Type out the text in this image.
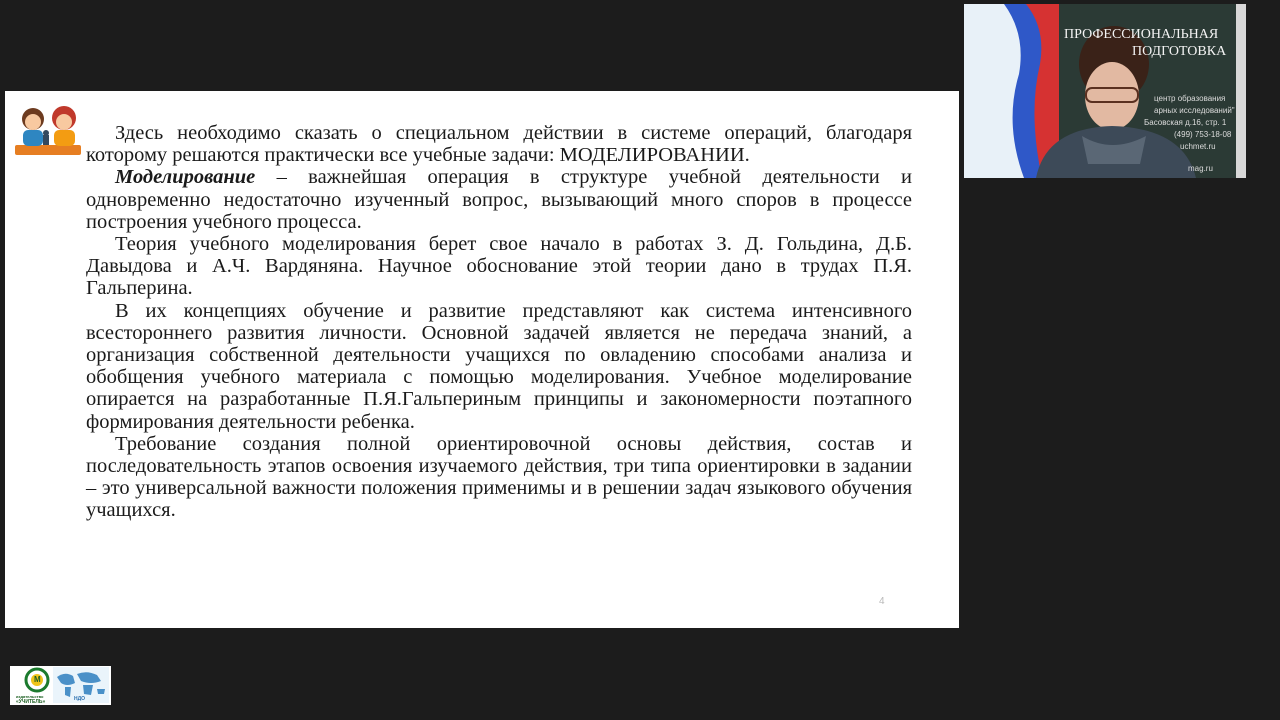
Здесь необходимо сказать о специальном действии в системе операций, благодаря которому решаются практически все учебные задачи: МОДЕЛИРОВАНИИ.

Моделирование – важнейшая операция в структуре учебной деятельности и одновременно недостаточно изученный вопрос, вызывающий много споров в процессе построения учебного процесса.

Теория учебного моделирования берет свое начало в работах З. Д. Гольдина, Д.Б. Давыдова и А.Ч. Вардяняна. Научное обоснование этой теории дано в трудах П.Я. Гальперина.

В их концепциях обучение и развитие представляют как система интенсивного всестороннего развития личности. Основной задачей является не передача знаний, а организация собственной деятельности учащихся по овладению способами анализа и обобщения учебного материала с помощью моделирования. Учебное моделирование опирается на разработанные П.Я.Гальпериным принципы и закономерности поэтапного формирования деятельности ребенка.

Требование создания полной ориентировочной основы действия, состав и последовательность этапов освоения изучаемого действия, три типа ориентировки в задании – это универсальной важности положения применимы и в решении задач языкового обучения учащихся.

4
ПРОФЕССИОНАЛЬНАЯ
ПОДГОТОВКА
центр образования
арных исследований"
Басовская д.16, стр. 1
(499) 753-18-08
uchmet.ru
mag.ru
М
издательство
«УЧИТЕЛЬ»	НДО
